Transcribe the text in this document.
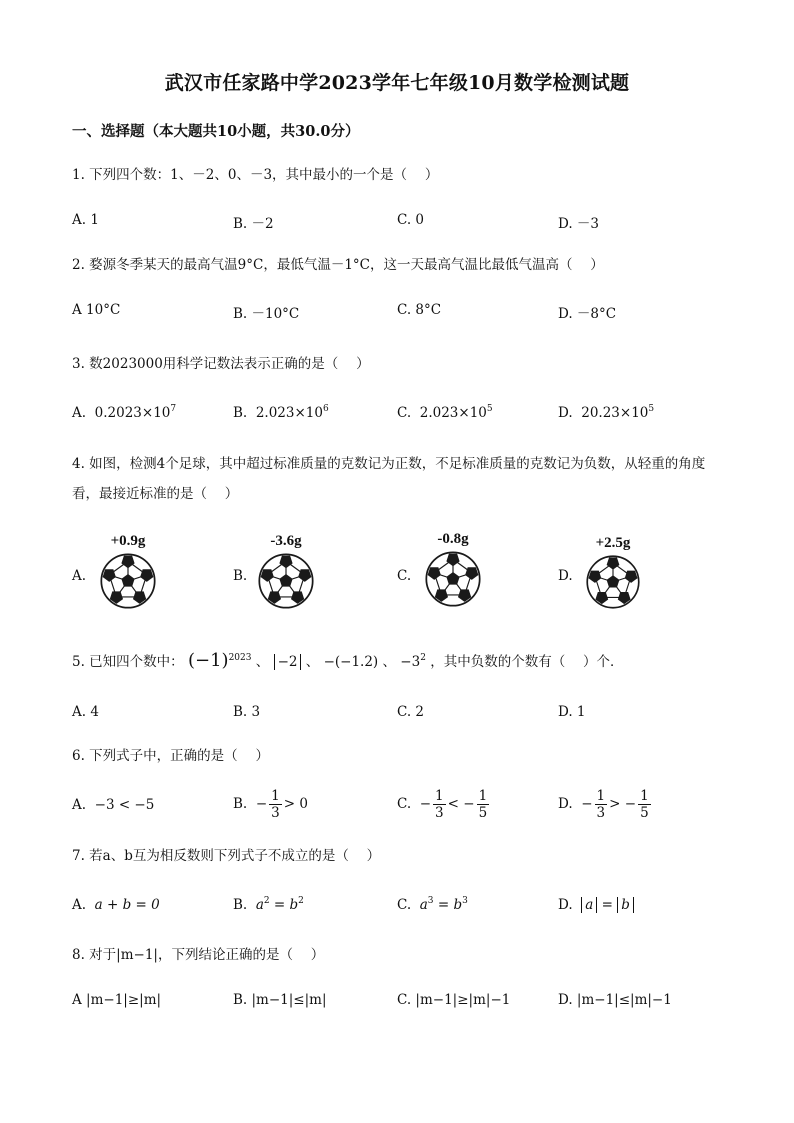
武汉市任家路中学2023学年七年级10月数学检测试题
一、选择题（本大题共10小题，共30.0分）
1. 下列四个数：1、－2、0、－3，其中最小的一个是（　 ）
A. 1	B. －2	C. 0	D. －3
2. 婺源冬季某天的最高气温9°C，最低气温－1°C，这一天最高气温比最低气温高（　 ）
A 10°C	B. －10°C	C. 8°C	D. －8°C
3. 数2023000用科学记数法表示正确的是（　 ）
A. $0.2023\times 10^7$	B. $2.023\times 10^6$	C. $2.023\times 10^5$	D. $20.23\times 10^5$
4. 如图，检测4个足球，其中超过标准质量的克数记为正数，不足标准质量的克数记为负数，从轻重的角度看，最接近标准的是（　 ）
A.
+0.9g
B.
-3.6g
C.
-0.8g
D.
+2.5g
5. 已知四个数中： $(-1)^{2023}$ 、 −2 、 −(−1.2) 、 $-3^2$ ，其中负数的个数有（　 ）个．
A. 4	B. 3	C. 2	D. 1
6. 下列式子中，正确的是（　 ）
A. −3 < −5	B. − $\frac{1}{3} > 0$	C. − $\frac{1}{3}$ < − $\frac{1}{5}$	D. − $\frac{1}{3}$ > − $\frac{1}{5}$
7. 若a、b互为相反数则下列式子不成立的是（　 ）
A. a + b = 0	B. $a^2 = b^2$	C. $a^3 = b^3$	D. a = b
8. 对于|m−1|，下列结论正确的是（　 ）
A |m−1|≥|m|	B. |m−1|≤|m|	C. |m−1|≥|m|−1	D. |m−1|≤|m|−1
